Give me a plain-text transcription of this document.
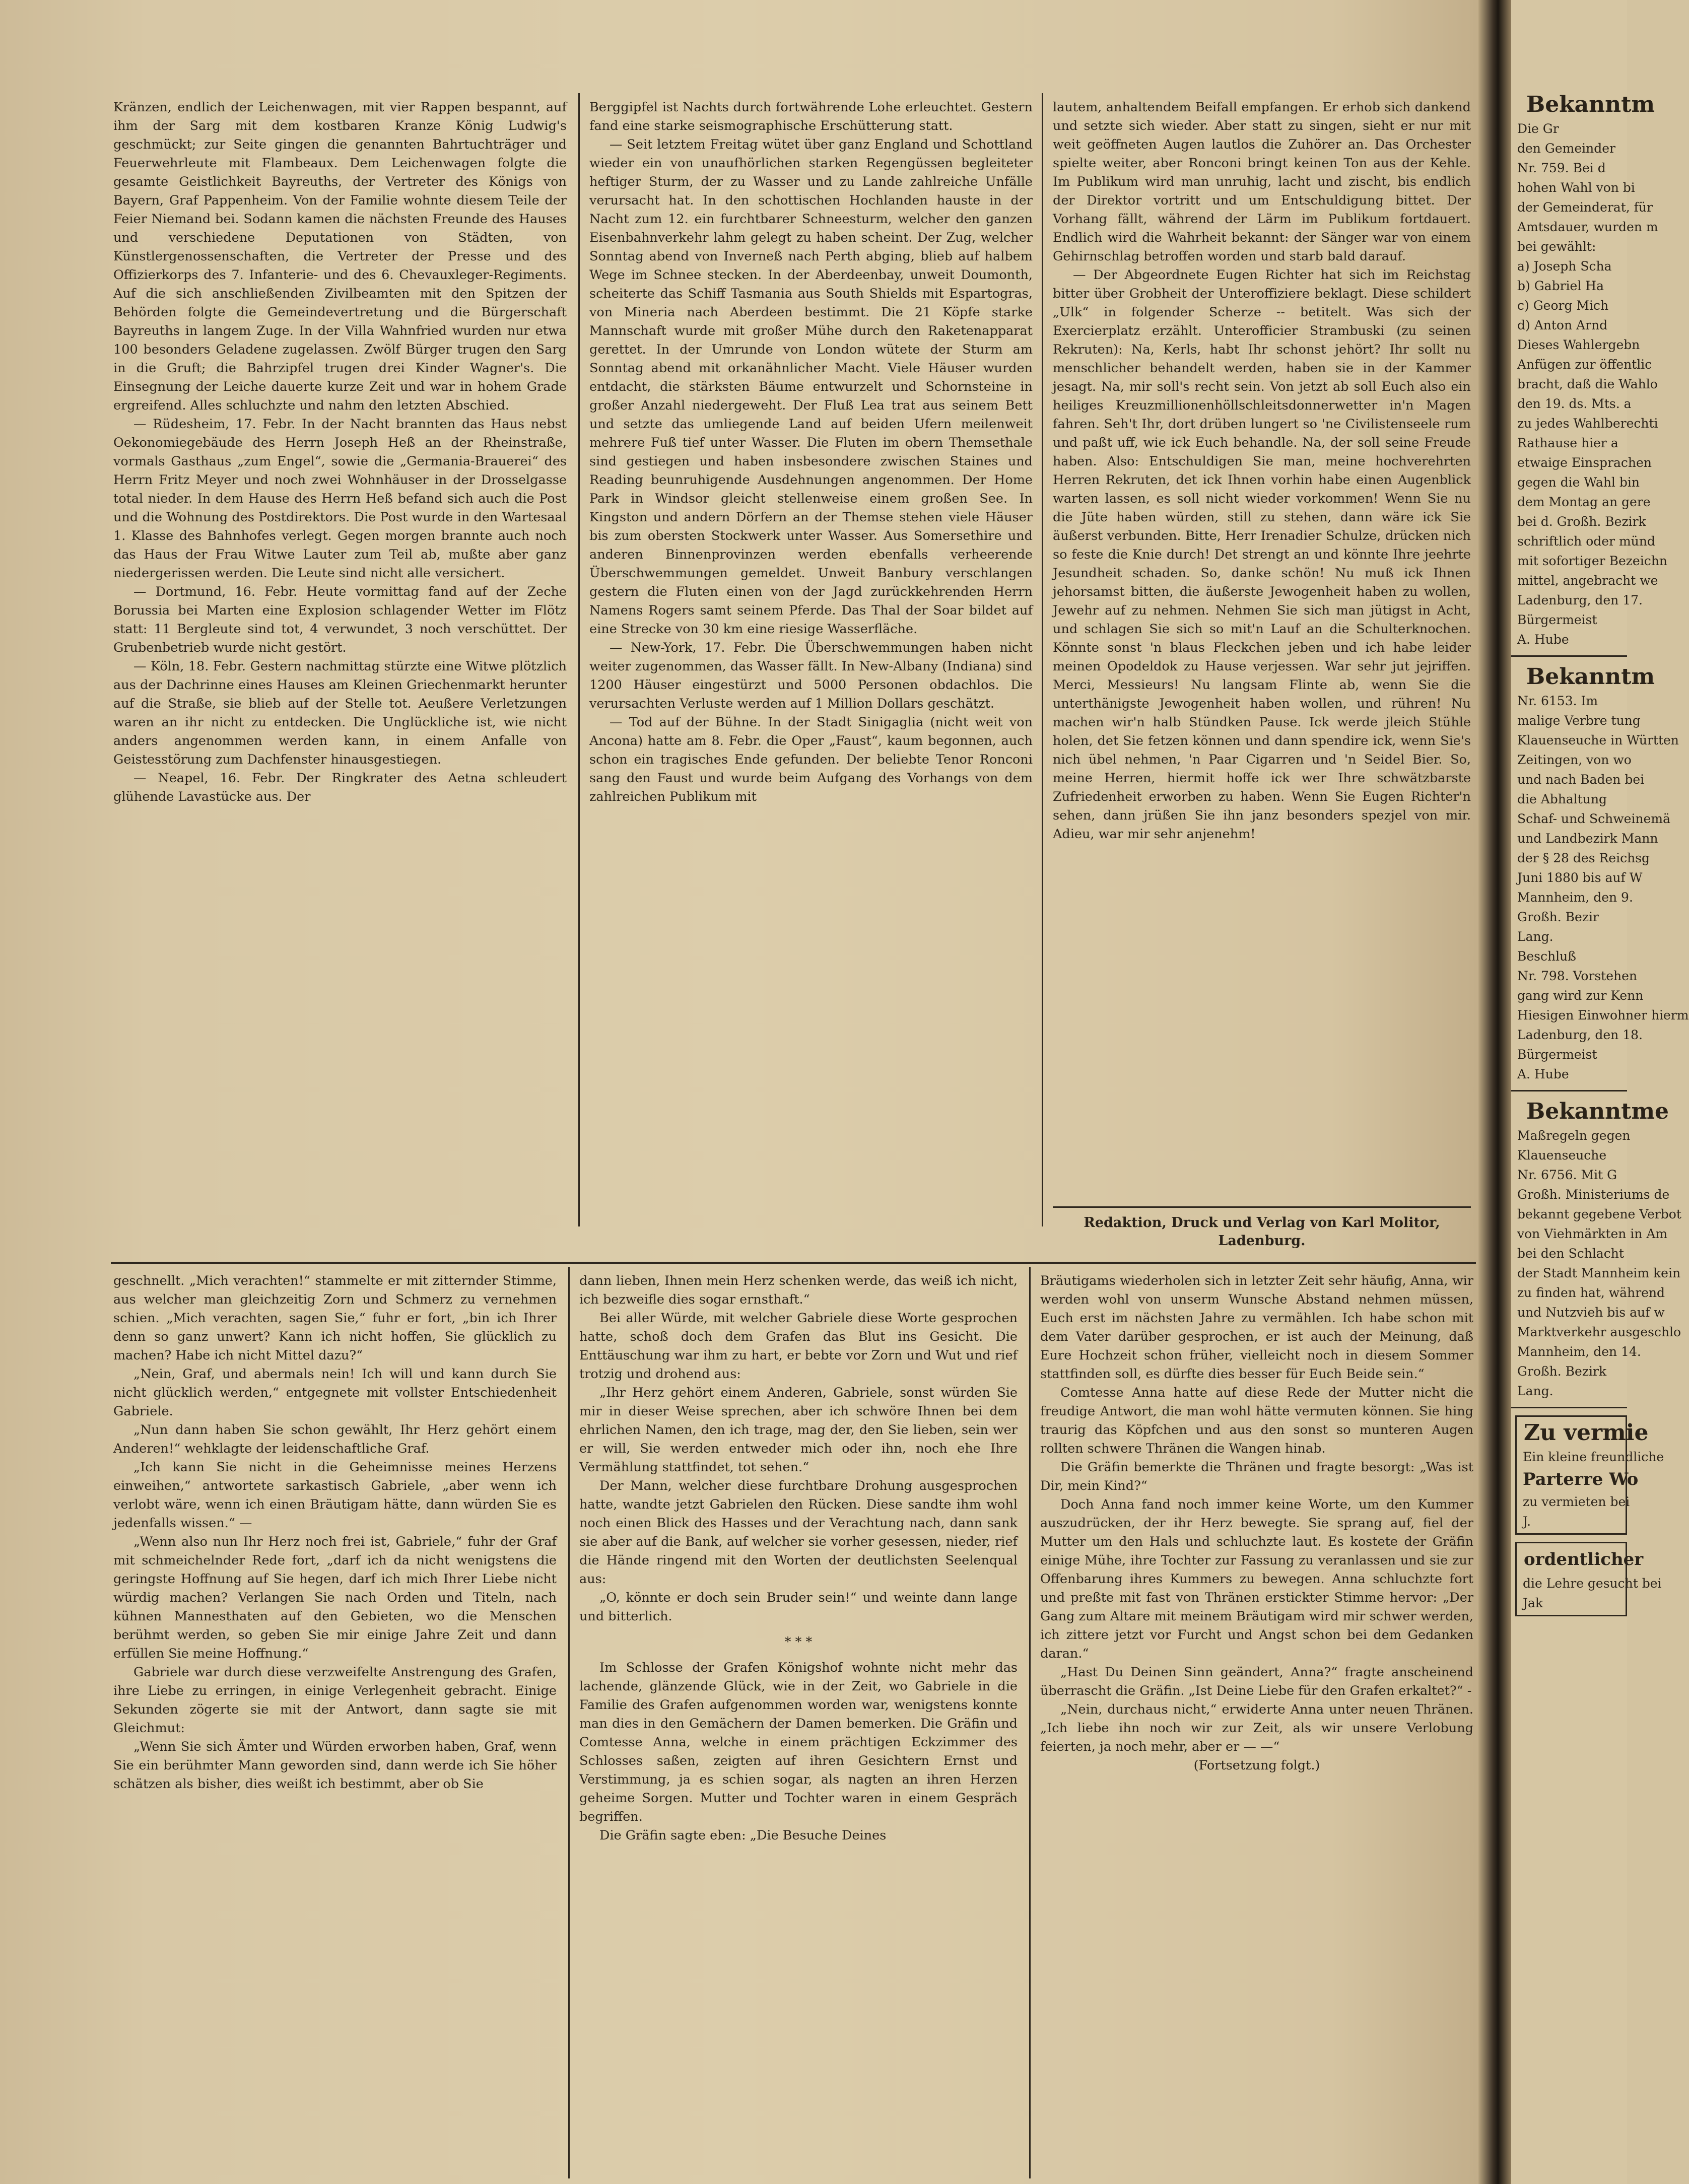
Kränzen, endlich der Leichenwagen, mit vier Rappen bespannt, auf ihm der Sarg mit dem kostbaren Kranze König Ludwig's geschmückt; zur Seite gingen die genannten Bahrtuchträger und Feuerwehrleute mit Flambeaux. Dem Leichenwagen folgte die gesamte Geistlichkeit Bayreuths, der Vertreter des Königs von Bayern, Graf Pappenheim. Von der Familie wohnte diesem Teile der Feier Niemand bei. Sodann kamen die nächsten Freunde des Hauses und verschiedene Deputationen von Städten, von Künstlergenossenschaften, die Vertreter der Presse und des Offizierkorps des 7. Infanterie- und des 6. Chevauxleger-Regiments. Auf die sich anschließenden Zivilbeamten mit den Spitzen der Behörden folgte die Gemeindevertretung und die Bürgerschaft Bayreuths in langem Zuge. In der Villa Wahnfried wurden nur etwa 100 besonders Geladene zugelassen. Zwölf Bürger trugen den Sarg in die Gruft; die Bahrzipfel trugen drei Kinder Wagner's. Die Einsegnung der Leiche dauerte kurze Zeit und war in hohem Grade ergreifend. Alles schluchzte und nahm den letzten Abschied.

— Rüdesheim, 17. Febr. In der Nacht brannten das Haus nebst Oekonomiegebäude des Herrn Joseph Heß an der Rheinstraße, vormals Gasthaus „zum Engel“, sowie die „Germania-Brauerei“ des Herrn Fritz Meyer und noch zwei Wohnhäuser in der Drosselgasse total nieder. In dem Hause des Herrn Heß befand sich auch die Post und die Wohnung des Postdirektors. Die Post wurde in den Wartesaal 1. Klasse des Bahnhofes verlegt. Gegen morgen brannte auch noch das Haus der Frau Witwe Lauter zum Teil ab, mußte aber ganz niedergerissen werden. Die Leute sind nicht alle versichert.

— Dortmund, 16. Febr. Heute vormittag fand auf der Zeche Borussia bei Marten eine Explosion schlagender Wetter im Flötz statt: 11 Bergleute sind tot, 4 verwundet, 3 noch verschüttet. Der Grubenbetrieb wurde nicht gestört.

— Köln, 18. Febr. Gestern nachmittag stürzte eine Witwe plötzlich aus der Dachrinne eines Hauses am Kleinen Griechenmarkt herunter auf die Straße, sie blieb auf der Stelle tot. Aeußere Verletzungen waren an ihr nicht zu entdecken. Die Unglückliche ist, wie nicht anders angenommen werden kann, in einem Anfalle von Geistesstörung zum Dachfenster hinausgestiegen.

— Neapel, 16. Febr. Der Ringkrater des Aetna schleudert glühende Lavastücke aus. Der

Berggipfel ist Nachts durch fortwährende Lohe erleuchtet. Gestern fand eine starke seismographische Erschütterung statt.

— Seit letztem Freitag wütet über ganz England und Schottland wieder ein von unaufhörlichen starken Regengüssen begleiteter heftiger Sturm, der zu Wasser und zu Lande zahlreiche Unfälle verursacht hat. In den schottischen Hochlanden hauste in der Nacht zum 12. ein furchtbarer Schneesturm, welcher den ganzen Eisenbahnverkehr lahm gelegt zu haben scheint. Der Zug, welcher Sonntag abend von Inverneß nach Perth abging, blieb auf halbem Wege im Schnee stecken. In der Aberdeenbay, unweit Doumonth, scheiterte das Schiff Tasmania aus South Shields mit Espartogras, von Mineria nach Aberdeen bestimmt. Die 21 Köpfe starke Mannschaft wurde mit großer Mühe durch den Raketenapparat gerettet. In der Umrunde von London wütete der Sturm am Sonntag abend mit orkanähnlicher Macht. Viele Häuser wurden entdacht, die stärksten Bäume entwurzelt und Schornsteine in großer Anzahl niedergeweht. Der Fluß Lea trat aus seinem Bett und setzte das umliegende Land auf beiden Ufern meilenweit mehrere Fuß tief unter Wasser. Die Fluten im obern Themsethale sind gestiegen und haben insbesondere zwischen Staines und Reading beunruhigende Ausdehnungen angenommen. Der Home Park in Windsor gleicht stellenweise einem großen See. In Kingston und andern Dörfern an der Themse stehen viele Häuser bis zum obersten Stockwerk unter Wasser. Aus Somersethire und anderen Binnenprovinzen werden ebenfalls verheerende Überschwemmungen gemeldet. Unweit Banbury verschlangen gestern die Fluten einen von der Jagd zurückkehrenden Herrn Namens Rogers samt seinem Pferde. Das Thal der Soar bildet auf eine Strecke von 30 km eine riesige Wasserfläche.

— New-York, 17. Febr. Die Überschwemmungen haben nicht weiter zugenommen, das Wasser fällt. In New-Albany (Indiana) sind 1200 Häuser eingestürzt und 5000 Personen obdachlos. Die verursachten Verluste werden auf 1 Million Dollars geschätzt.

— Tod auf der Bühne. In der Stadt Sinigaglia (nicht weit von Ancona) hatte am 8. Febr. die Oper „Faust“, kaum begonnen, auch schon ein tragisches Ende gefunden. Der beliebte Tenor Ronconi sang den Faust und wurde beim Aufgang des Vorhangs von dem zahlreichen Publikum mit

lautem, anhaltendem Beifall empfangen. Er erhob sich dankend und setzte sich wieder. Aber statt zu singen, sieht er nur mit weit geöffneten Augen lautlos die Zuhörer an. Das Orchester spielte weiter, aber Ronconi bringt keinen Ton aus der Kehle. Im Publikum wird man unruhig, lacht und zischt, bis endlich der Direktor vortritt und um Entschuldigung bittet. Der Vorhang fällt, während der Lärm im Publikum fortdauert. Endlich wird die Wahrheit bekannt: der Sänger war von einem Gehirnschlag betroffen worden und starb bald darauf.

— Der Abgeordnete Eugen Richter hat sich im Reichstag bitter über Grobheit der Unteroffiziere beklagt. Diese schildert „Ulk“ in folgender Scherze -- betitelt. Was sich der Exercierplatz erzählt. Unterofficier Strambuski (zu seinen Rekruten): Na, Kerls, habt Ihr schonst jehört? Ihr sollt nu menschlicher behandelt werden, haben sie in der Kammer jesagt. Na, mir soll's recht sein. Von jetzt ab soll Euch also ein heiliges Kreuzmillionenhöllschleitsdonnerwetter in'n Magen fahren. Seh't Ihr, dort drüben lungert so 'ne Civilistenseele rum und paßt uff, wie ick Euch behandle. Na, der soll seine Freude haben. Also: Entschuldigen Sie man, meine hochverehrten Herren Rekruten, det ick Ihnen vorhin habe einen Augenblick warten lassen, es soll nicht wieder vorkommen! Wenn Sie nu die Jüte haben würden, still zu stehen, dann wäre ick Sie äußerst verbunden. Bitte, Herr Irenadier Schulze, drücken nich so feste die Knie durch! Det strengt an und könnte Ihre jeehrte Jesundheit schaden. So, danke schön! Nu muß ick Ihnen jehorsamst bitten, die äußerste Jewogenheit haben zu wollen, Jewehr auf zu nehmen. Nehmen Sie sich man jütigst in Acht, und schlagen Sie sich so mit'n Lauf an die Schulterknochen. Könnte sonst 'n blaus Fleckchen jeben und ich habe leider meinen Opodeldok zu Hause verjessen. War sehr jut jejriffen. Merci, Messieurs! Nu langsam Flinte ab, wenn Sie die unterthänigste Jewogenheit haben wollen, und rühren! Nu machen wir'n halb Stündken Pause. Ick werde jleich Stühle holen, det Sie fetzen können und dann spendire ick, wenn Sie's nich übel nehmen, 'n Paar Cigarren und 'n Seidel Bier. So, meine Herren, hiermit hoffe ick wer Ihre schwätzbarste Zufriedenheit erworben zu haben. Wenn Sie Eugen Richter'n sehen, dann jrüßen Sie ihn janz besonders spezjel von mir. Adieu, war mir sehr anjenehm!

Redaktion, Druck und Verlag von Karl Molitor,
Ladenburg.

geschnellt. „Mich verachten!“ stammelte er mit zitternder Stimme, aus welcher man gleichzeitig Zorn und Schmerz zu vernehmen schien. „Mich verachten, sagen Sie,“ fuhr er fort, „bin ich Ihrer denn so ganz unwert? Kann ich nicht hoffen, Sie glücklich zu machen? Habe ich nicht Mittel dazu?“

„Nein, Graf, und abermals nein! Ich will und kann durch Sie nicht glücklich werden,“ entgegnete mit vollster Entschiedenheit Gabriele.

„Nun dann haben Sie schon gewählt, Ihr Herz gehört einem Anderen!“ wehklagte der leidenschaftliche Graf.

„Ich kann Sie nicht in die Geheimnisse meines Herzens einweihen,“ antwortete sarkastisch Gabriele, „aber wenn ich verlobt wäre, wenn ich einen Bräutigam hätte, dann würden Sie es jedenfalls wissen.“ —

„Wenn also nun Ihr Herz noch frei ist, Gabriele,“ fuhr der Graf mit schmeichelnder Rede fort, „darf ich da nicht wenigstens die geringste Hoffnung auf Sie hegen, darf ich mich Ihrer Liebe nicht würdig machen? Verlangen Sie nach Orden und Titeln, nach kühnen Mannesthaten auf den Gebieten, wo die Menschen berühmt werden, so geben Sie mir einige Jahre Zeit und dann erfüllen Sie meine Hoffnung.“

Gabriele war durch diese verzweifelte Anstrengung des Grafen, ihre Liebe zu erringen, in einige Verlegenheit gebracht. Einige Sekunden zögerte sie mit der Antwort, dann sagte sie mit Gleichmut:

„Wenn Sie sich Ämter und Würden erworben haben, Graf, wenn Sie ein berühmter Mann geworden sind, dann werde ich Sie höher schätzen als bisher, dies weißt ich bestimmt, aber ob Sie

dann lieben, Ihnen mein Herz schenken werde, das weiß ich nicht, ich bezweifle dies sogar ernsthaft.“

Bei aller Würde, mit welcher Gabriele diese Worte gesprochen hatte, schoß doch dem Grafen das Blut ins Gesicht. Die Enttäuschung war ihm zu hart, er bebte vor Zorn und Wut und rief trotzig und drohend aus:

„Ihr Herz gehört einem Anderen, Gabriele, sonst würden Sie mir in dieser Weise sprechen, aber ich schwöre Ihnen bei dem ehrlichen Namen, den ich trage, mag der, den Sie lieben, sein wer er will, Sie werden entweder mich oder ihn, noch ehe Ihre Vermählung stattfindet, tot sehen.“

Der Mann, welcher diese furchtbare Drohung ausgesprochen hatte, wandte jetzt Gabrielen den Rücken. Diese sandte ihm wohl noch einen Blick des Hasses und der Verachtung nach, dann sank sie aber auf die Bank, auf welcher sie vorher gesessen, nieder, rief die Hände ringend mit den Worten der deutlichsten Seelenqual aus:

„O, könnte er doch sein Bruder sein!“ und weinte dann lange und bitterlich.

* * *

Im Schlosse der Grafen Königshof wohnte nicht mehr das lachende, glänzende Glück, wie in der Zeit, wo Gabriele in die Familie des Grafen aufgenommen worden war, wenigstens konnte man dies in den Gemächern der Damen bemerken. Die Gräfin und Comtesse Anna, welche in einem prächtigen Eckzimmer des Schlosses saßen, zeigten auf ihren Gesichtern Ernst und Verstimmung, ja es schien sogar, als nagten an ihren Herzen geheime Sorgen. Mutter und Tochter waren in einem Gespräch begriffen.

Die Gräfin sagte eben: „Die Besuche Deines

Bräutigams wiederholen sich in letzter Zeit sehr häufig, Anna, wir werden wohl von unserm Wunsche Abstand nehmen müssen, Euch erst im nächsten Jahre zu vermählen. Ich habe schon mit dem Vater darüber gesprochen, er ist auch der Meinung, daß Eure Hochzeit schon früher, vielleicht noch in diesem Sommer stattfinden soll, es dürfte dies besser für Euch Beide sein.“

Comtesse Anna hatte auf diese Rede der Mutter nicht die freudige Antwort, die man wohl hätte vermuten können. Sie hing traurig das Köpfchen und aus den sonst so munteren Augen rollten schwere Thränen die Wangen hinab.

Die Gräfin bemerkte die Thränen und fragte besorgt: „Was ist Dir, mein Kind?“

Doch Anna fand noch immer keine Worte, um den Kummer auszudrücken, der ihr Herz bewegte. Sie sprang auf, fiel der Mutter um den Hals und schluchzte laut. Es kostete der Gräfin einige Mühe, ihre Tochter zur Fassung zu veranlassen und sie zur Offenbarung ihres Kummers zu bewegen. Anna schluchzte fort und preßte mit fast von Thränen erstickter Stimme hervor: „Der Gang zum Altare mit meinem Bräutigam wird mir schwer werden, ich zittere jetzt vor Furcht und Angst schon bei dem Gedanken daran.“

„Hast Du Deinen Sinn geändert, Anna?“ fragte anscheinend überrascht die Gräfin. „Ist Deine Liebe für den Grafen erkaltet?“ -

„Nein, durchaus nicht,“ erwiderte Anna unter neuen Thränen. „Ich liebe ihn noch wir zur Zeit, als wir unsere Verlobung feierten, ja noch mehr, aber er — —“

(Fortsetzung folgt.)

Bekanntm
Die Gr
den Gemeinder
Nr. 759. Bei d
hohen Wahl von bi
der Gemeinderat, für
Amtsdauer, wurden m
bei gewählt:
a) Joseph Scha
b) Gabriel Ha
c) Georg Mich
d) Anton Arnd
Dieses Wahlergebn
Anfügen zur öffentlic
bracht, daß die Wahlo
den 19. ds. Mts. a
zu jedes Wahlberechti
Rathause hier a
etwaige Einsprachen
gegen die Wahl bin
dem Montag an gere
bei d. Großh. Bezirk
schriftlich oder münd
mit sofortiger Bezeichn
mittel, angebracht we
Ladenburg, den 17.
Bürgermeist
A. Hube
Bekanntm
Nr. 6153. Im
malige Verbre tung
Klauenseuche in Württen
Zeitingen, von wo
und nach Baden bei
die Abhaltung
Schaf- und Schweinemä
und Landbezirk Mann
der § 28 des Reichsg
Juni 1880 bis auf W
Mannheim, den 9.
Großh. Bezir
Lang.
Beschluß
Nr. 798. Vorstehen
gang wird zur Kenn
Hiesigen Einwohner hierm
Ladenburg, den 18.
Bürgermeist
A. Hube
Bekanntme
Maßregeln gegen
Klauenseuche
Nr. 6756. Mit G
Großh. Ministeriums de
bekannt gegebene Verbot
von Viehmärkten in Am
bei den Schlacht
der Stadt Mannheim kein
zu finden hat, während
und Nutzvieh bis auf w
Marktverkehr ausgeschlo
Mannheim, den 14.
Großh. Bezirk
Lang.
Zu vermie
Ein kleine freundliche
Parterre Wo
zu vermieten bei
J.
ordentlicher
die Lehre gesucht bei
Jak
